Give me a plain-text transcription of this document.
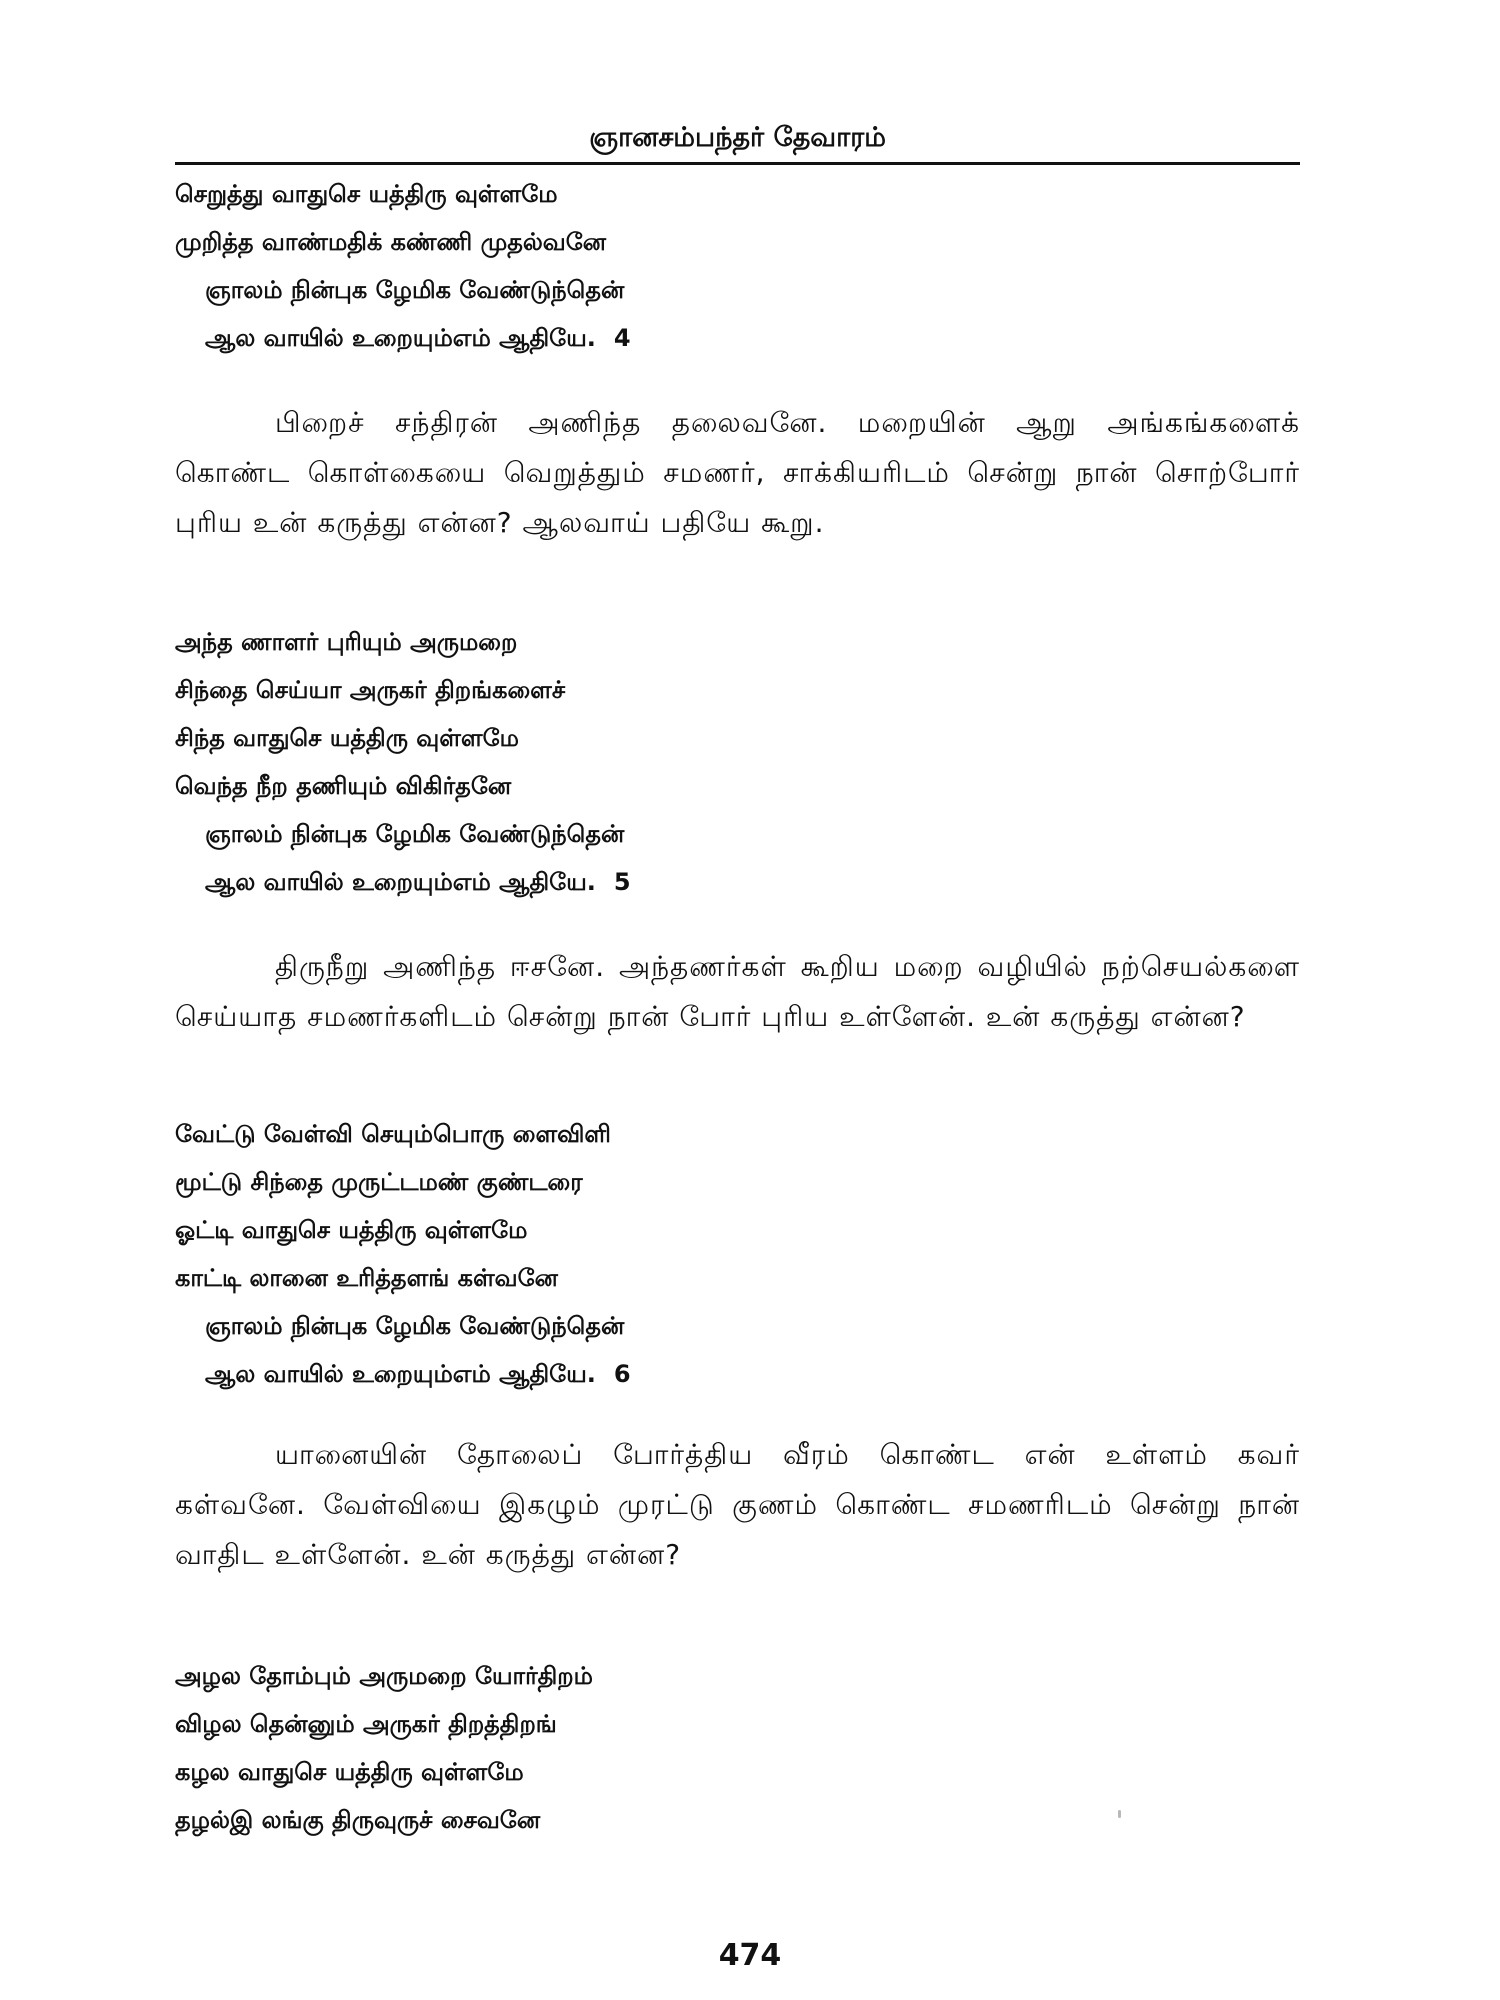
ஞானசம்பந்தர் தேவாரம்
செறுத்து வாதுசெ யத்திரு வுள்ளமே
முறித்த வாண்மதிக் கண்ணி முதல்வனே
ஞாலம் நின்புக ழேமிக வேண்டுந்தென்
ஆல வாயில் உறையும்எம் ஆதியே. 4

பிறைச் சந்திரன் அணிந்த தலைவனே. மறையின் ஆறு அங்கங்களைக் கொண்ட கொள்கையை வெறுத்தும் சமணர், சாக்கியரிடம் சென்று நான் சொற்போர் புரிய உன் கருத்து என்ன? ஆலவாய் பதியே கூறு.

அந்த ணாளர் புரியும் அருமறை
சிந்தை செய்யா அருகர் திறங்களைச்
சிந்த வாதுசெ யத்திரு வுள்ளமே
வெந்த நீற தணியும் விகிர்தனே
ஞாலம் நின்புக ழேமிக வேண்டுந்தென்
ஆல வாயில் உறையும்எம் ஆதியே. 5

திருநீறு அணிந்த ஈசனே. அந்தணர்கள் கூறிய மறை வழியில் நற்செயல்களை செய்யாத சமணர்களிடம் சென்று நான் போர் புரிய உள்ளேன். உன் கருத்து என்ன?

வேட்டு வேள்வி செயும்பொரு ளைவிளி
மூட்டு சிந்தை முருட்டமண் குண்டரை
ஓட்டி வாதுசெ யத்திரு வுள்ளமே
காட்டி லானை உரித்தளங் கள்வனே
ஞாலம் நின்புக ழேமிக வேண்டுந்தென்
ஆல வாயில் உறையும்எம் ஆதியே. 6

யானையின் தோலைப் போர்த்திய வீரம் கொண்ட என் உள்ளம் கவர் கள்வனே. வேள்வியை இகழும் முரட்டு குணம் கொண்ட சமணரிடம் சென்று நான் வாதிட உள்ளேன். உன் கருத்து என்ன?

அழல தோம்பும் அருமறை யோர்திறம்
விழல தென்னும் அருகர் திறத்திறங்
கழல வாதுசெ யத்திரு வுள்ளமே
தழல்இ லங்கு திருவுருச் சைவனே
474
